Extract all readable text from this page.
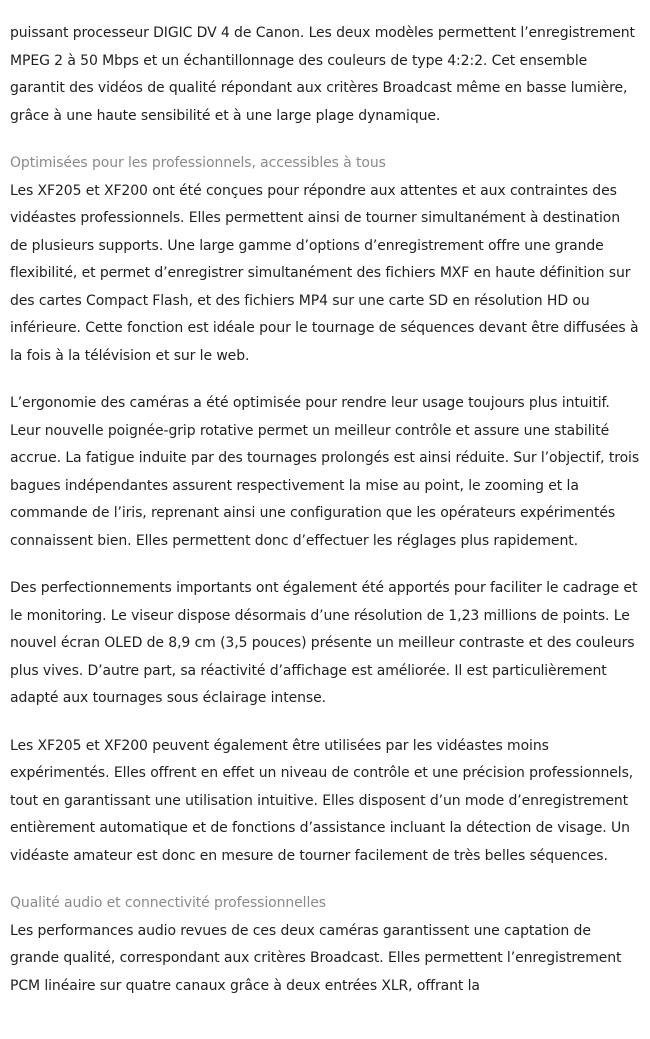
puissant processeur DIGIC DV 4 de Canon. Les deux modèles permettent l’enregistrement MPEG 2 à 50 Mbps et un échantillonnage des couleurs de type 4:2:2. Cet ensemble garantit des vidéos de qualité répondant aux critères Broadcast même en basse lumière, grâce à une haute sensibilité et à une large plage dynamique.

Optimisées pour les professionnels, accessibles à tous

Les XF205 et XF200 ont été conçues pour répondre aux attentes et aux contraintes des vidéastes professionnels. Elles permettent ainsi de tourner simultanément à destination de plusieurs supports. Une large gamme d’options d’enregistrement offre une grande flexibilité, et permet d’enregistrer simultanément des fichiers MXF en haute définition sur des cartes Compact Flash, et des fichiers MP4 sur une carte SD en résolution HD ou inférieure. Cette fonction est idéale pour le tournage de séquences devant être diffusées à la fois à la télévision et sur le web.

L’ergonomie des caméras a été optimisée pour rendre leur usage toujours plus intuitif. Leur nouvelle poignée-grip rotative permet un meilleur contrôle et assure une stabilité accrue. La fatigue induite par des tournages prolongés est ainsi réduite. Sur l’objectif, trois bagues indépendantes assurent respectivement la mise au point, le zooming et la commande de l’iris, reprenant ainsi une configuration que les opérateurs expérimentés connaissent bien. Elles permettent donc d’effectuer les réglages plus rapidement.

Des perfectionnements importants ont également été apportés pour faciliter le cadrage et le monitoring. Le viseur dispose désormais d’une résolution de 1,23 millions de points. Le nouvel écran OLED de 8,9 cm (3,5 pouces) présente un meilleur contraste et des couleurs plus vives. D’autre part, sa réactivité d’affichage est améliorée. Il est particulièrement adapté aux tournages sous éclairage intense.

Les XF205 et XF200 peuvent également être utilisées par les vidéastes moins expérimentés. Elles offrent en effet un niveau de contrôle et une précision professionnels, tout en garantissant une utilisation intuitive. Elles disposent d’un mode d’enregistrement entièrement automatique et de fonctions d’assistance incluant la détection de visage. Un vidéaste amateur est donc en mesure de tourner facilement de très belles séquences.

Qualité audio et connectivité professionnelles

Les performances audio revues de ces deux caméras garantissent une captation de grande qualité, correspondant aux critères Broadcast. Elles permettent l’enregistrement PCM linéaire sur quatre canaux grâce à deux entrées XLR, offrant la
